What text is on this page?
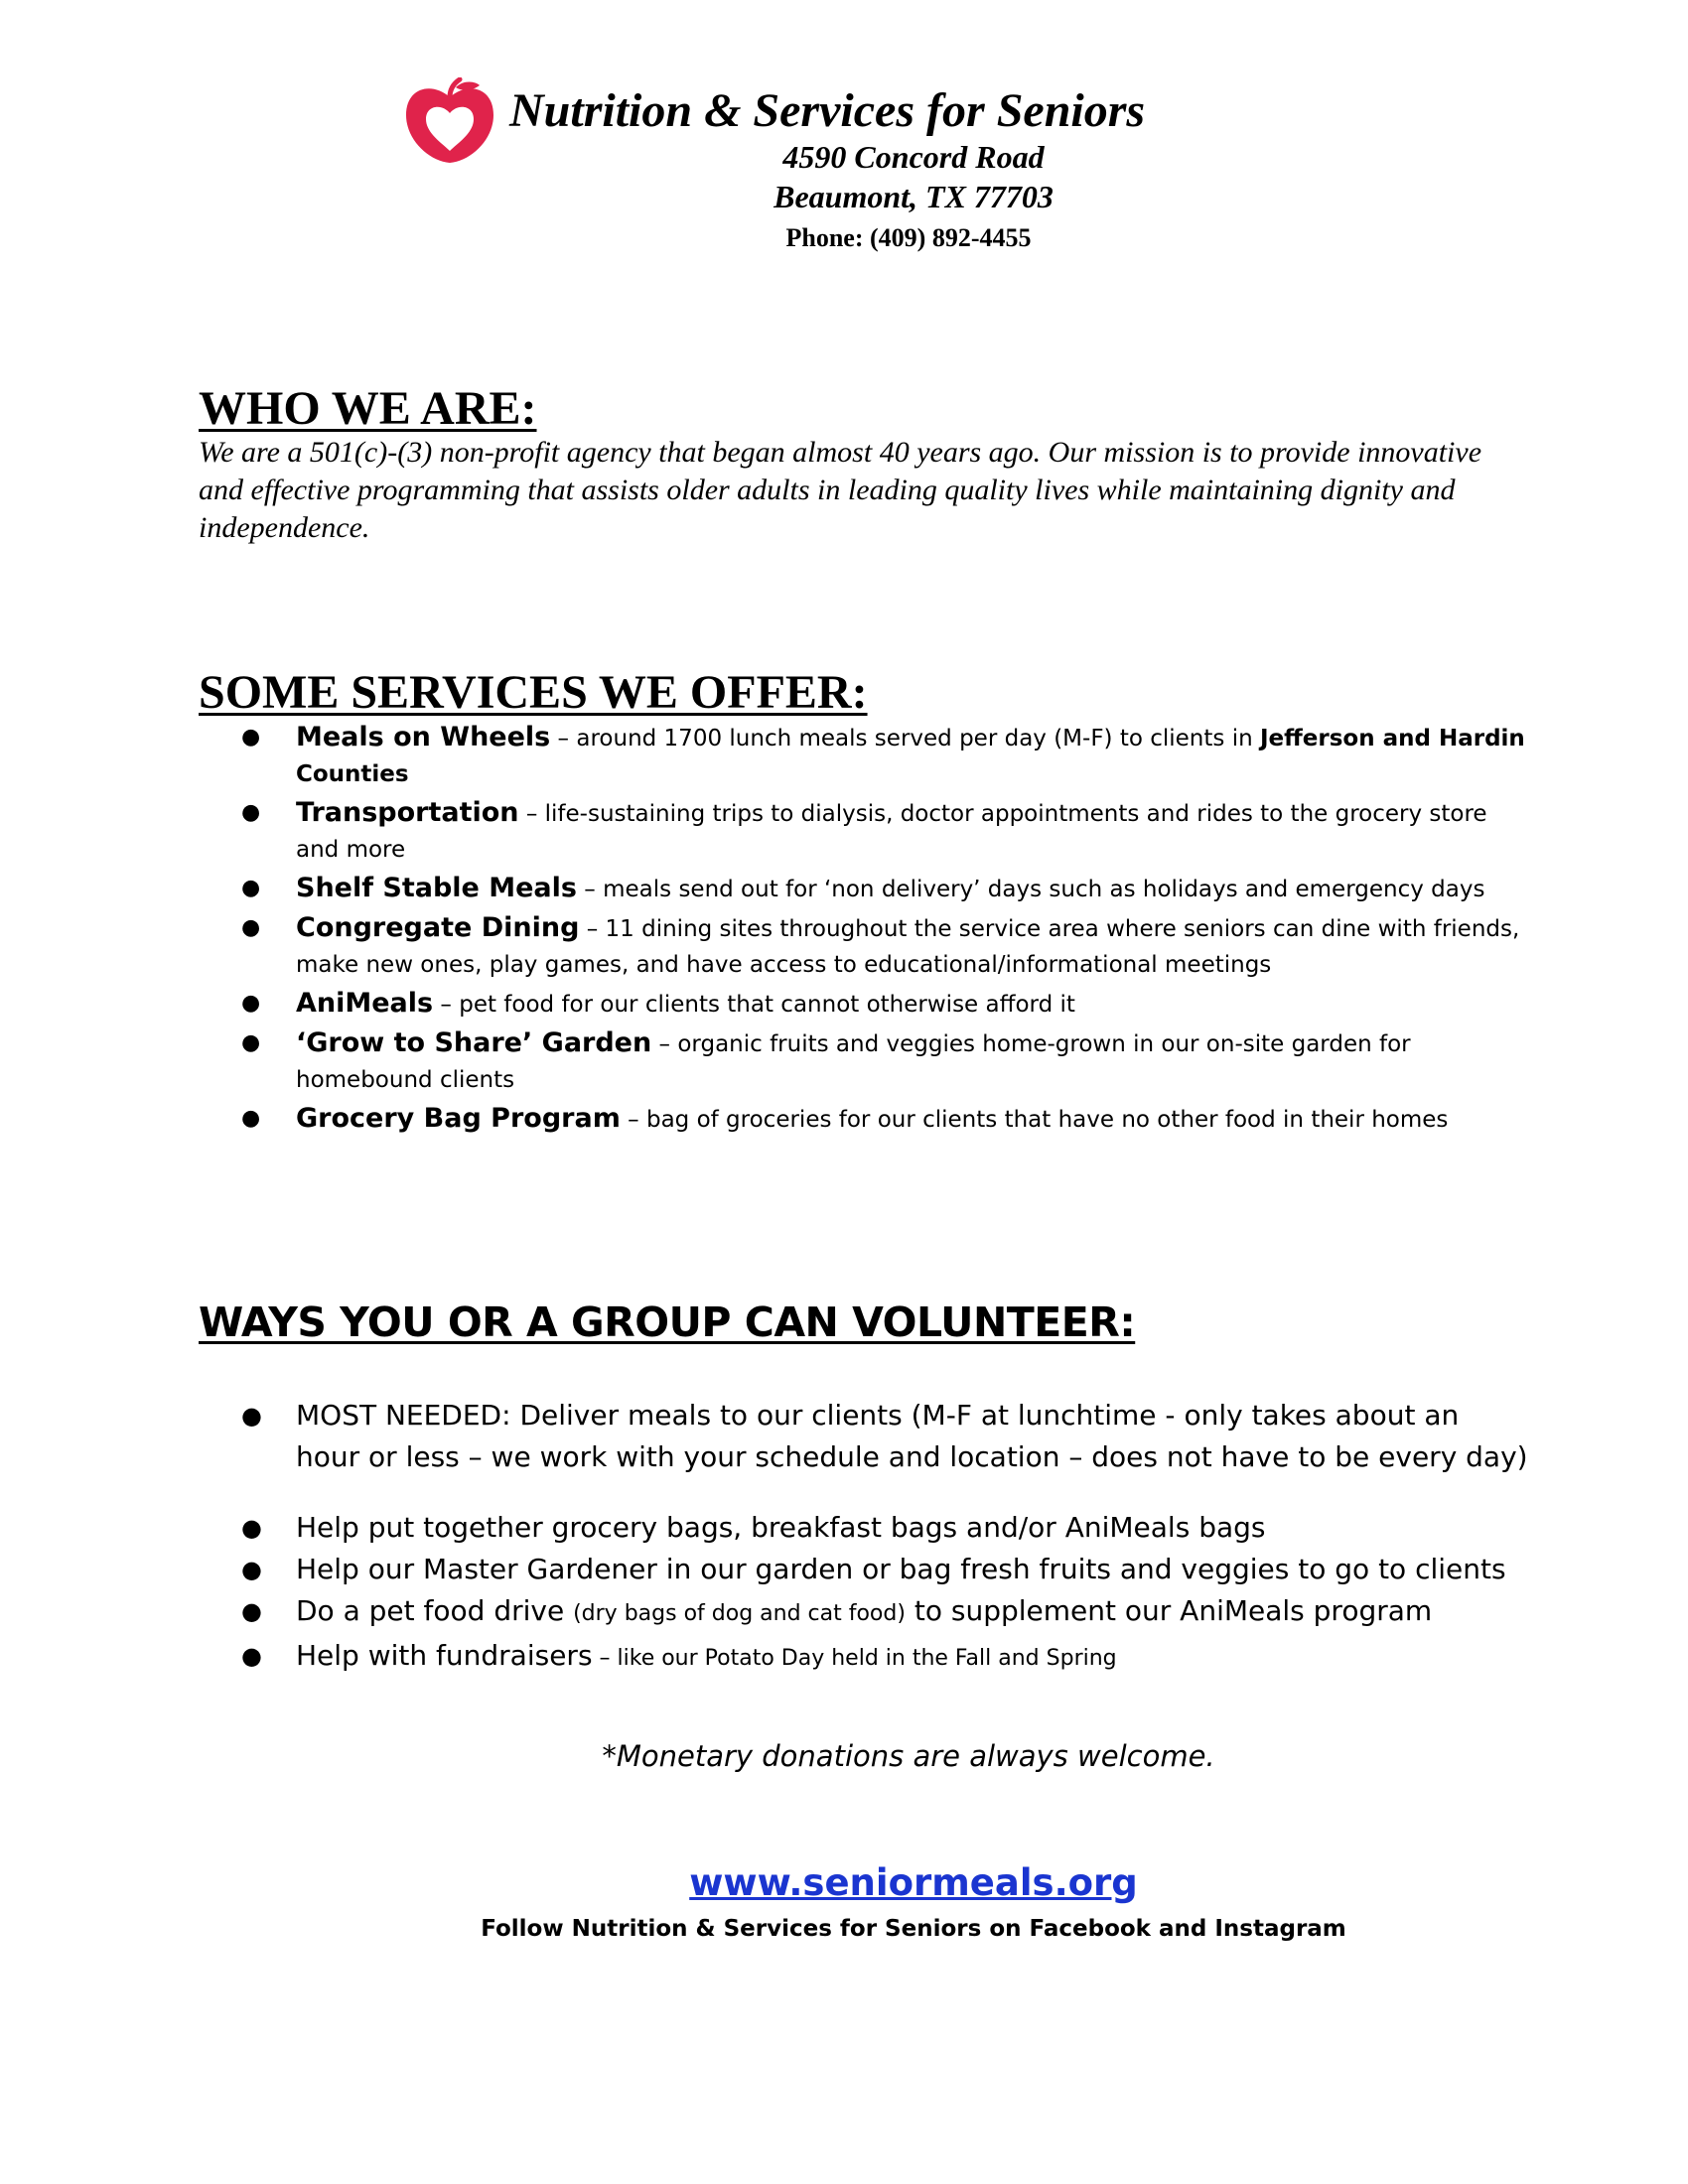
Nutrition & Services for Seniors
4590 Concord Road
Beaumont, TX 77703
Phone: (409) 892-4455
WHO WE ARE:
We are a 501(c)-(3) non-profit agency that began almost 40 years ago. Our mission is to provide innovative and effective programming that assists older adults in leading quality lives while maintaining dignity and independence.
SOME SERVICES WE OFFER:
● Meals on Wheels – around 1700 lunch meals served per day (M-F) to clients in Jefferson and Hardin Counties
● Transportation – life-sustaining trips to dialysis, doctor appointments and rides to the grocery store and more
● Shelf Stable Meals – meals send out for ‘non delivery’ days such as holidays and emergency days
● Congregate Dining – 11 dining sites throughout the service area where seniors can dine with friends, make new ones, play games, and have access to educational/informational meetings
● AniMeals – pet food for our clients that cannot otherwise afford it
● ‘Grow to Share’ Garden – organic fruits and veggies home-grown in our on-site garden for homebound clients
● Grocery Bag Program – bag of groceries for our clients that have no other food in their homes
WAYS YOU OR A GROUP CAN VOLUNTEER:
● MOST NEEDED: Deliver meals to our clients (M-F at lunchtime - only takes about an hour or less – we work with your schedule and location – does not have to be every day)
● Help put together grocery bags, breakfast bags and/or AniMeals bags
● Help our Master Gardener in our garden or bag fresh fruits and veggies to go to clients
● Do a pet food drive (dry bags of dog and cat food) to supplement our AniMeals program
● Help with fundraisers – like our Potato Day held in the Fall and Spring
*Monetary donations are always welcome.
www.seniormeals.org
Follow Nutrition & Services for Seniors on Facebook and Instagram
